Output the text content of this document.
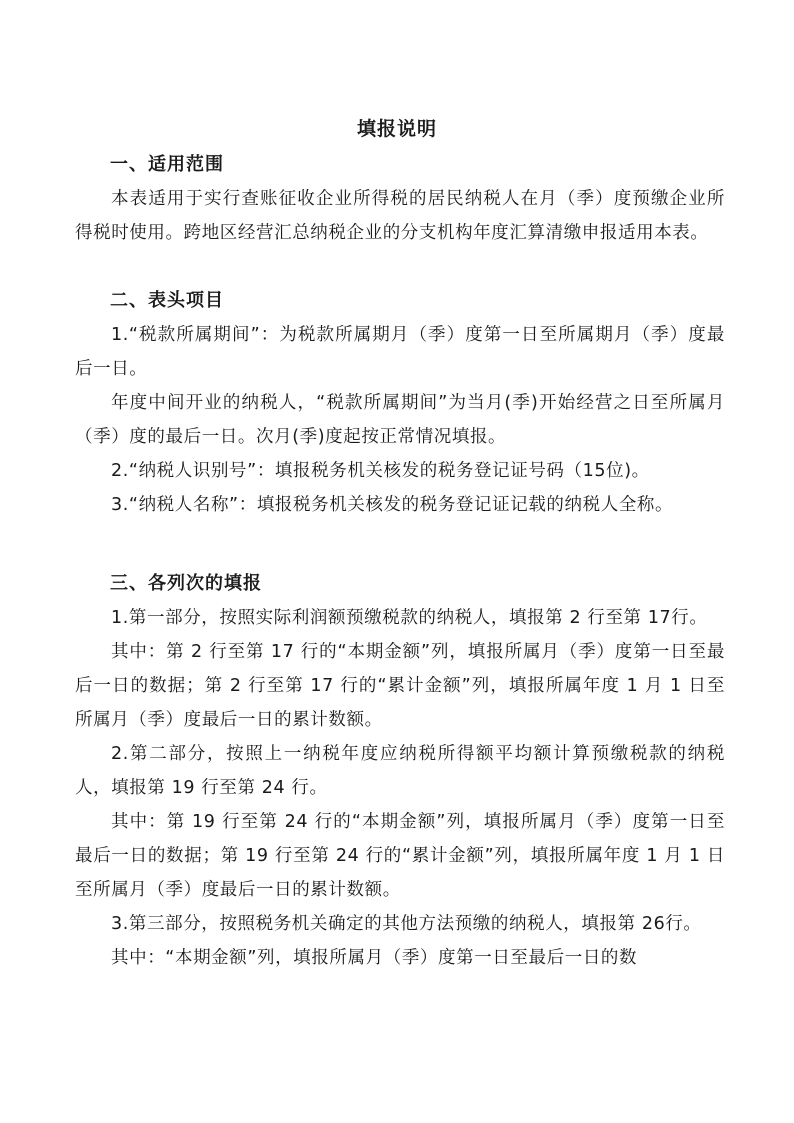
填报说明
一、适用范围

本表适用于实行查账征收企业所得税的居民纳税人在月（季）度预缴企业所得税时使用。跨地区经营汇总纳税企业的分支机构年度汇算清缴申报适用本表。

二、表头项目

1.“税款所属期间”：为税款所属期月（季）度第一日至所属期月（季）度最后一日。

年度中间开业的纳税人，“税款所属期间”为当月(季)开始经营之日至所属月（季）度的最后一日。次月(季)度起按正常情况填报。

2.“纳税人识别号”：填报税务机关核发的税务登记证号码（15位)。

3.“纳税人名称”：填报税务机关核发的税务登记证记载的纳税人全称。

三、各列次的填报

1.第一部分，按照实际利润额预缴税款的纳税人，填报第 2 行至第 17行。

其中：第 2 行至第 17 行的“本期金额”列，填报所属月（季）度第一日至最后一日的数据；第 2 行至第 17 行的“累计金额”列，填报所属年度 1 月 1 日至所属月（季）度最后一日的累计数额。

2.第二部分，按照上一纳税年度应纳税所得额平均额计算预缴税款的纳税人，填报第 19 行至第 24 行。

其中：第 19 行至第 24 行的“本期金额”列，填报所属月（季）度第一日至最后一日的数据；第 19 行至第 24 行的“累计金额”列，填报所属年度 1 月 1 日至所属月（季）度最后一日的累计数额。

3.第三部分，按照税务机关确定的其他方法预缴的纳税人，填报第 26行。

其中：“本期金额”列，填报所属月（季）度第一日至最后一日的数
